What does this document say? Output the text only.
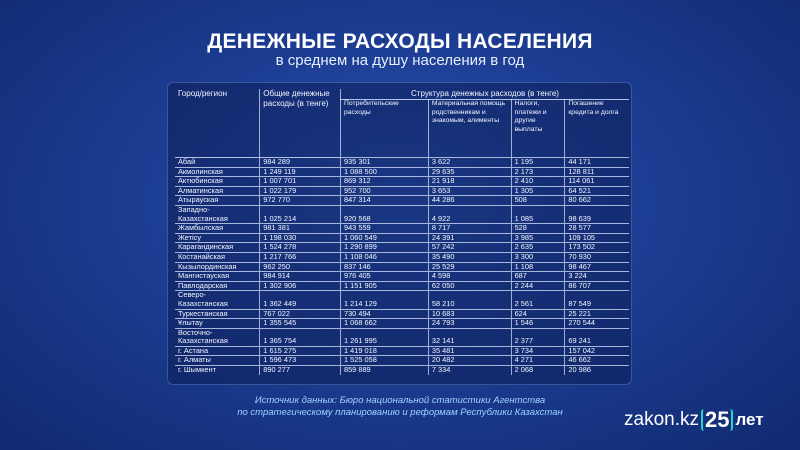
ДЕНЕЖНЫЕ РАСХОДЫ НАСЕЛЕНИЯ
в среднем на душу населения в год
Город/регион	Общие денежные расходы (в тенге)	Структура денежных расходов (в тенге)			
		Потребительские расходы	Материальная помощь родственникам и знакомым, алименты	Налоги, платежи и другие выплаты	Погашение кредита и долга
Абай	984 289	935 301	3 622	1 195	44 171
Акмолинская	1 249 119	1 088 500	29 635	2 173	128 811
Актюбинская	1 007 701	869 312	21 918	2 410	114 061
Алматинская	1 022 179	952 700	3 653	1 305	64 521
Атырауская	972 770	847 314	44 286	508	80 662

Западно-
Казахстанская	1 025 214	920 568	4 922	1 085	98 639
Жамбылская	981 381	943 559	8 717	528	28 577
Жетісу	1 198 030	1 060 549	24 391	3 985	109 105
Карагандинская	1 524 278	1 290 899	57 242	2 635	173 502
Костанайская	1 217 766	1 108 046	35 490	3 300	70 930
Кызылординская	962 250	837 146	25 529	1 108	98 467
Мангистауская	984 914	976 405	4 598	687	3 224
Павлодарская	1 302 906	1 151 905	62 050	2 244	86 707

Северо-
Казахстанская	1 362 449	1 214 129	58 210	2 561	87 549
Туркестанская	767 022	730 494	10 683	624	25 221
Ұлытау	1 355 545	1 068 662	24 793	1 546	270 544

Восточно-
Казахстанская	1 365 754	1 261 995	32 141	2 377	69 241
г. Астана	1 615 275	1 419 018	35 481	3 734	157 042
г. Алматы	1 596 473	1 525 058	20 482	4 271	46 662
г. Шымкент	890 277	859 889	7 334	2 068	20 986
Источник данных: Бюро национальной статистики Агентства
по стратегическому планированию и реформам Республики Казахстан	zakon.kz 25 лет
